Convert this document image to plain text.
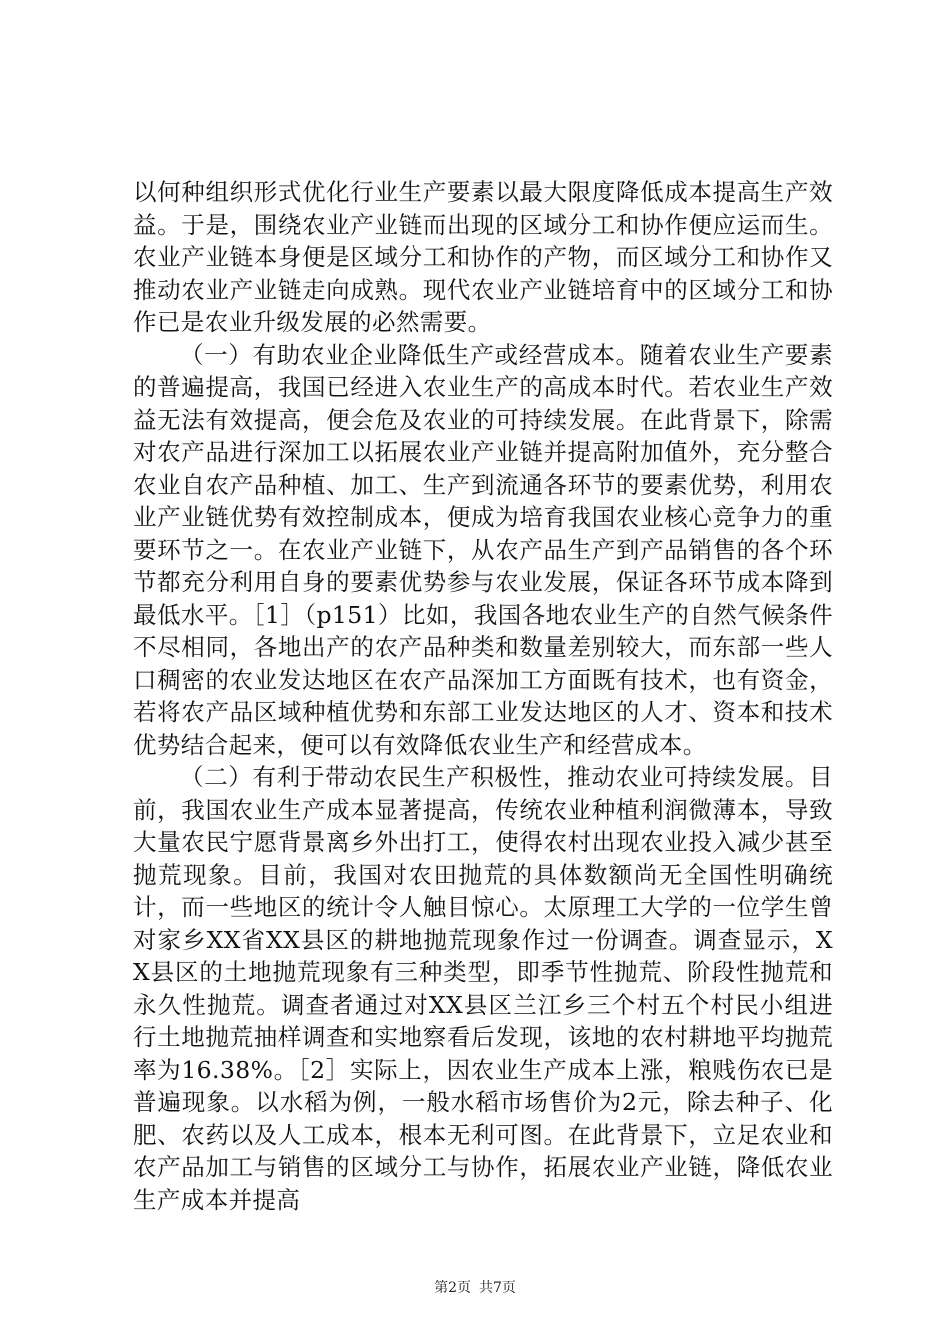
以何种组织形式优化行业生产要素以最大限度降低成本提高生产效益。于是，围绕农业产业链而出现的区域分工和协作便应运而生。农业产业链本身便是区域分工和协作的产物，而区域分工和协作又推动农业产业链走向成熟。现代农业产业链培育中的区域分工和协作已是农业升级发展的必然需要。

（一）有助农业企业降低生产或经营成本。随着农业生产要素的普遍提高，我国已经进入农业生产的高成本时代。若农业生产效益无法有效提高，便会危及农业的可持续发展。在此背景下，除需对农产品进行深加工以拓展农业产业链并提高附加值外，充分整合农业自农产品种植、加工、生产到流通各环节的要素优势，利用农业产业链优势有效控制成本，便成为培育我国农业核心竞争力的重要环节之一。在农业产业链下，从农产品生产到产品销售的各个环节都充分利用自身的要素优势参与农业发展，保证各环节成本降到最低水平。［1］（p151）比如，我国各地农业生产的自然气候条件不尽相同，各地出产的农产品种类和数量差别较大，而东部一些人口稠密的农业发达地区在农产品深加工方面既有技术，也有资金，若将农产品区域种植优势和东部工业发达地区的人才、资本和技术优势结合起来，便可以有效降低农业生产和经营成本。

（二）有利于带动农民生产积极性，推动农业可持续发展。目前，我国农业生产成本显著提高，传统农业种植利润微薄本，导致大量农民宁愿背景离乡外出打工，使得农村出现农业投入减少甚至抛荒现象。目前，我国对农田抛荒的具体数额尚无全国性明确统计，而一些地区的统计令人触目惊心。太原理工大学的一位学生曾对家乡XX省XX县区的耕地抛荒现象作过一份调查。调查显示，XX县区的土地抛荒现象有三种类型，即季节性抛荒、阶段性抛荒和永久性抛荒。调查者通过对XX县区兰江乡三个村五个村民小组进行土地抛荒抽样调查和实地察看后发现，该地的农村耕地平均抛荒率为16.38%。［2］实际上，因农业生产成本上涨，粮贱伤农已是普遍现象。以水稻为例，一般水稻市场售价为2元，除去种子、化肥、农药以及人工成本，根本无利可图。在此背景下，立足农业和农产品加工与销售的区域分工与协作，拓展农业产业链，降低农业生产成本并提高

第2页 共7页
